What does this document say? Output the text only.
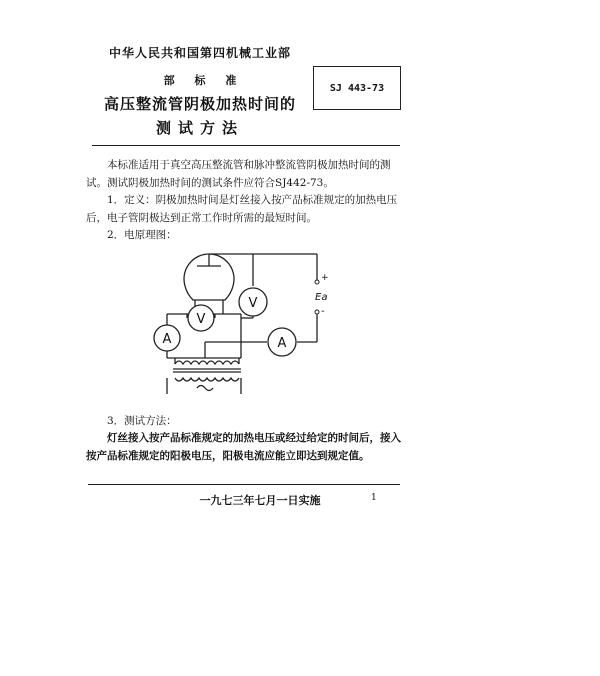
中华人民共和国第四机械工业部
部 标 准
高压整流管阴极加热时间的
测试方法
SJ 443-73
本标准适用于真空高压整流管和脉冲整流管阴极加热时间的测试。测试阴极加热时间的测试条件应符合SJ442-73。
1．定义：阴极加热时间是灯丝接入按产品标准规定的加热电压后，电子管阴极达到正常工作时所需的最短时间。
2．电原理图：
V
A
V
A
+
Ea
-
3．测试方法：
灯丝接入按产品标准规定的加热电压或经过给定的时间后，接入按产品标准规定的阳极电压，阳极电流应能立即达到规定值。
一九七三年七月一日实施	1
